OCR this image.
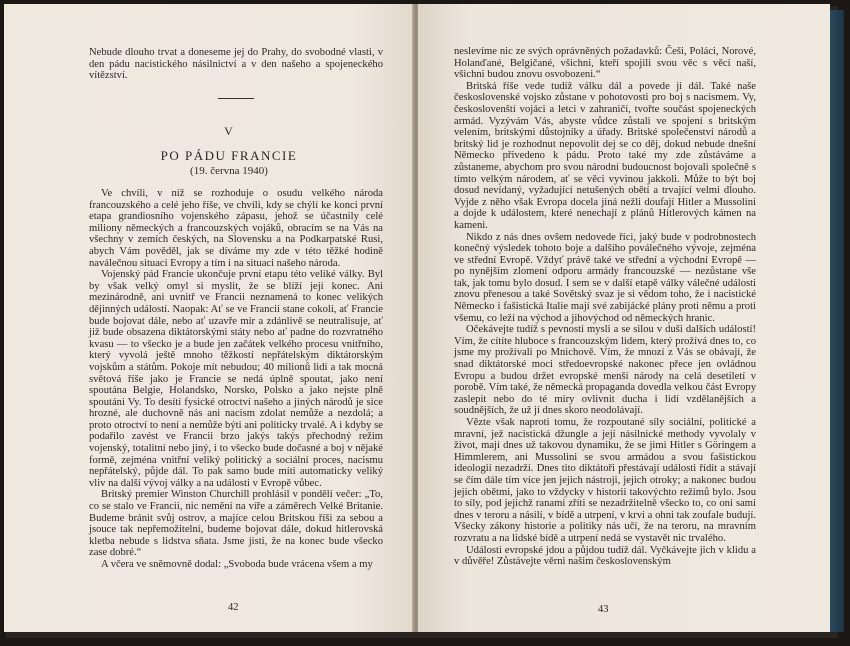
Nebude dlouho trvat a doneseme jej do Prahy, do svobodné vlasti, v den pádu nacistického násilnictví a v den našeho a spojeneckého vítězství.

V
PO PÁDU FRANCIE
(19. června 1940)

Ve chvíli, v níž se rozhoduje o osudu velkého národa francouzského a celé jeho říše, ve chvíli, kdy se chýlí ke konci první etapa grandiosního vojenského zápasu, jehož se účastnily celé miliony německých a francouzských vojáků, obracím se na Vás na všechny v zemích českých, na Slovensku a na Podkarpatské Rusi, abych Vám pověděl, jak se díváme my zde v této těžké hodině naválečnou situaci Evropy a tím i na situaci našeho národa.

Vojenský pád Francie ukončuje první etapu této veliké války. Byl by však velký omyl si myslit, že se blíží její konec. Ani mezinárodně, ani uvnitř ve Francii neznamená to konec velikých dějinných událostí. Naopak: Ať se ve Francii stane cokoli, ať Francie bude bojovat dále, nebo ať uzavře mír a zdánlivě se neutralisuje, ať již bude obsazena diktátorskými státy nebo ať padne do rozvratného kvasu — to všecko je a bude jen začátek velkého procesu vnitřního, který vyvolá ještě mnoho těžkostí nepřátelským diktátorským vojskům a státům. Pokoje mít nebudou; 40 milionů lidí a tak mocná světová říše jako je Francie se nedá úplně spoutat, jako není spoutána Belgie, Holandsko, Norsko, Polsko a jako nejste plně spoutáni Vy. To desítí fysické otroctví našeho a jiných národů je sice hrozné, ale duchovně nás ani nacism zdolat nemůže a nezdolá; a proto otroctví to není a nemůže býti ani politicky trvalé. A i kdyby se podařilo zavést ve Francii brzo jakýs takýs přechodný režim vojenský, totalitní nebo jiný, i to všecko bude dočasné a boj v nějaké formě, zejména vnitřní veliký politický a sociální proces, nacismu nepřátelský, půjde dál. To pak samo bude míti automaticky veliký vliv na další vývoj války a na události v Evropě vůbec.

Britský premier Winston Churchill prohlásil v pondělí večer: „To, co se stalo ve Francii, nic nemění na víře a záměrech Velké Britanie. Budeme bránit svůj ostrov, a majíce celou Britskou říši za sebou a jsouce tak nepřemožitelní, budeme bojovat dále, dokud hitlerovská kletba nebude s lidstva sňata. Jsme jisti, že na konec bude všecko zase dobré.“

A včera ve sněmovně dodal: „Svoboda bude vrácena všem a my

42

neslevíme nic ze svých oprávněných požadavků: Češi, Poláci, Norové, Holanďané, Belgičané, všichni, kteří spojili svou věc s věcí naší, všichni budou znovu osvobozeni.“

Britská říše vede tudíž válku dál a povede ji dál. Také naše československé vojsko zůstane v pohotovosti pro boj s nacismem. Vy, českoslovenští vojáci a letci v zahraničí, tvořte součást spojeneckých armád. Vyzývám Vás, abyste vůdce zůstali ve spojení s britským velením, britskými důstojníky a úřady. Britské společenství národů a britský lid je rozhodnut nepovolit dej se co děj, dokud nebude dnešní Německo přivedeno k pádu. Proto také my zde zůstáváme a zůstaneme, abychom pro svou národní budoucnost bojovali společně s tímto velkým národem, ať se věci vyvinou jakkoli. Může to být boj dosud nevídaný, vyžadující netušených obětí a trvající velmi dlouho. Vyjde z něho však Evropa docela jiná nežli doufají Hitler a Mussolini a dojde k událostem, které nenechají z plánů Hitlerových kámen na kameni.

Nikdo z nás dnes ovšem nedovede říci, jaký bude v podrobnostech konečný výsledek tohoto boje a dalšího poválečného vývoje, zejména ve střední Evropě. Vždyť právě také ve střední a východní Evropě — po nynějším zlomení odporu armády francouzské — nezůstane vše tak, jak tomu bylo dosud. I sem se v další etapě války válečné události znovu přenesou a také Sovětský svaz je si vědom toho, že i nacistické Německo i fašistická Italie mají své zabijácké plány proti němu a proti všemu, co leží na východ a jihovýchod od německých hranic.

Očekávejte tudíž s pevností mysli a se silou v duši dalších událostí! Vím, že cítíte hluboce s francouzským lidem, který prožívá dnes to, co jsme my prožívali po Mnichově. Vím, že mnozí z Vás se obávají, že snad diktátorské moci středoevropské nakonec přece jen ovládnou Evropu a budou držet evropské menší národy na celá desetiletí v porobě. Vím také, že německá propaganda dovedla velkou část Evropy zaslepit nebo do té míry ovlivnit ducha i lidí vzdělanějších a soudnějších, že už jí dnes skoro neodolávají.

Vězte však naproti tomu, že rozpoutané síly sociální, politické a mravní, jež nacistická džungle a její násilnické methody vyvolaly v život, mají dnes už takovou dynamiku, že se jimi Hitler s Göringem a Himmlerem, ani Mussolini se svou armádou a svou fašistickou ideologií nezadrží. Dnes tito diktátoři přestávají události řídit a stávají se čím dále tím více jen jejich nástroji, jejich otroky; a nakonec budou jejich obětmi, jako to vždycky v historii takovýchto režimů bylo. Jsou to síly, pod jejichž ranami zříti se nezadržitelně všecko to, co oni sami dnes v teroru a násilí, v bídě a utrpení, v krvi a ohni tak zoufale budují. Všecky zákony historie a politiky nás učí, že na teroru, na mravním rozvratu a na lidské bídě a utrpení nedá se vystavět nic trvalého.

Události evropské jdou a půjdou tudíž dál. Vyčkávejte jich v klidu a v důvěře! Zůstávejte věrni našim československým

43
